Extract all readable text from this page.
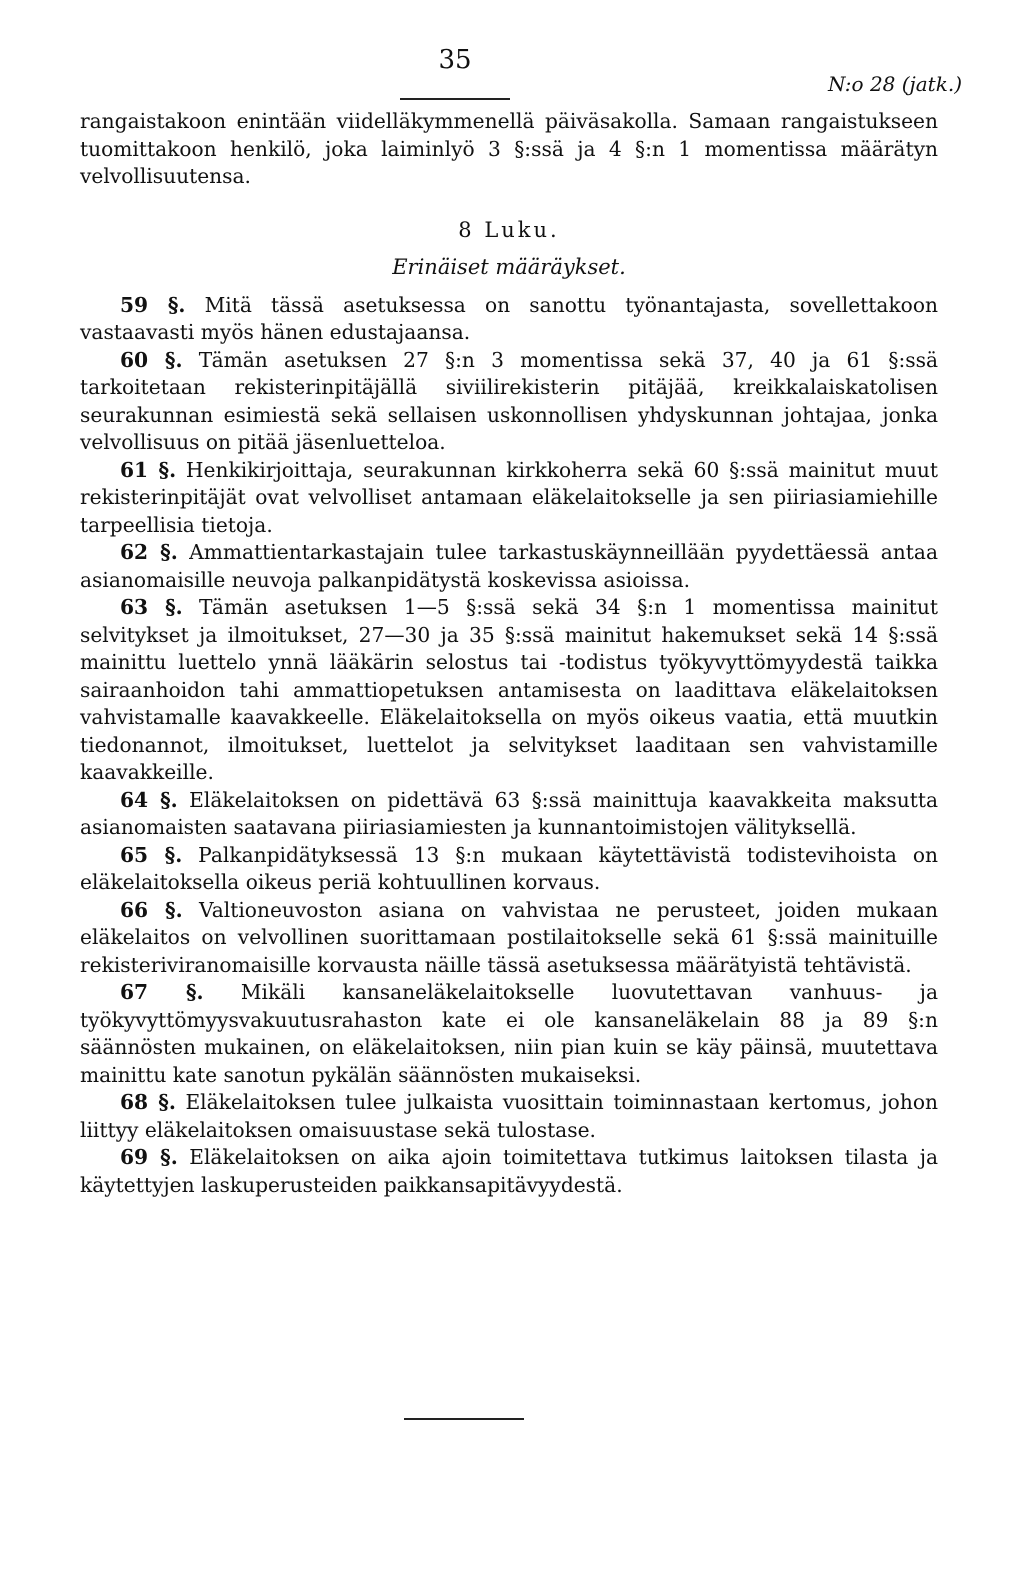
35
N:o 28 (jatk.)

rangaistakoon enintään viidelläkymmenellä päiväsakolla. Samaan rangaistukseen tuomittakoon henkilö, joka laiminlyö 3 §:ssä ja 4 §:n 1 momentissa määrätyn velvollisuutensa.

8 Luku.

Erinäiset määräykset.

59 §. Mitä tässä asetuksessa on sanottu työnantajasta, sovellettakoon vastaavasti myös hänen edustajaansa.

60 §. Tämän asetuksen 27 §:n 3 momentissa sekä 37, 40 ja 61 §:ssä tarkoitetaan rekisterinpitäjällä siviilirekisterin pitäjää, kreikkalaiskatolisen seurakunnan esimiestä sekä sellaisen uskonnollisen yhdyskunnan johtajaa, jonka velvollisuus on pitää jäsenluetteloa.

61 §. Henkikirjoittaja, seurakunnan kirkkoherra sekä 60 §:ssä mainitut muut rekisterinpitäjät ovat velvolliset antamaan eläkelaitokselle ja sen piiriasiamiehille tarpeellisia tietoja.

62 §. Ammattientarkastajain tulee tarkastuskäynneillään pyydettäessä antaa asianomaisille neuvoja palkanpidätystä koskevissa asioissa.

63 §. Tämän asetuksen 1—5 §:ssä sekä 34 §:n 1 momentissa mainitut selvitykset ja ilmoitukset, 27—30 ja 35 §:ssä mainitut hakemukset sekä 14 §:ssä mainittu luettelo ynnä lääkärin selostus tai -todistus työkyvyttömyydestä taikka sairaanhoidon tahi ammattiopetuksen antamisesta on laadittava eläkelaitoksen vahvistamalle kaavakkeelle. Eläkelaitoksella on myös oikeus vaatia, että muutkin tiedonannot, ilmoitukset, luettelot ja selvitykset laaditaan sen vahvistamille kaavakkeille.

64 §. Eläkelaitoksen on pidettävä 63 §:ssä mainittuja kaavakkeita maksutta asianomaisten saatavana piiriasiamiesten ja kunnantoimistojen välityksellä.

65 §. Palkanpidätyksessä 13 §:n mukaan käytettävistä todistevihoista on eläkelaitoksella oikeus periä kohtuullinen korvaus.

66 §. Valtioneuvoston asiana on vahvistaa ne perusteet, joiden mukaan eläkelaitos on velvollinen suorittamaan postilaitokselle sekä 61 §:ssä mainituille rekisteriviranomaisille korvausta näille tässä asetuksessa määrätyistä tehtävistä.

67 §. Mikäli kansaneläkelaitokselle luovutettavan vanhuus- ja työkyvyttömyysvakuutusrahaston kate ei ole kansaneläkelain 88 ja 89 §:n säännösten mukainen, on eläkelaitoksen, niin pian kuin se käy päinsä, muutettava mainittu kate sanotun pykälän säännösten mukaiseksi.

68 §. Eläkelaitoksen tulee julkaista vuosittain toiminnastaan kertomus, johon liittyy eläkelaitoksen omaisuustase sekä tulostase.

69 §. Eläkelaitoksen on aika ajoin toimitettava tutkimus laitoksen tilasta ja käytettyjen laskuperusteiden paikkansapitävyydestä.
